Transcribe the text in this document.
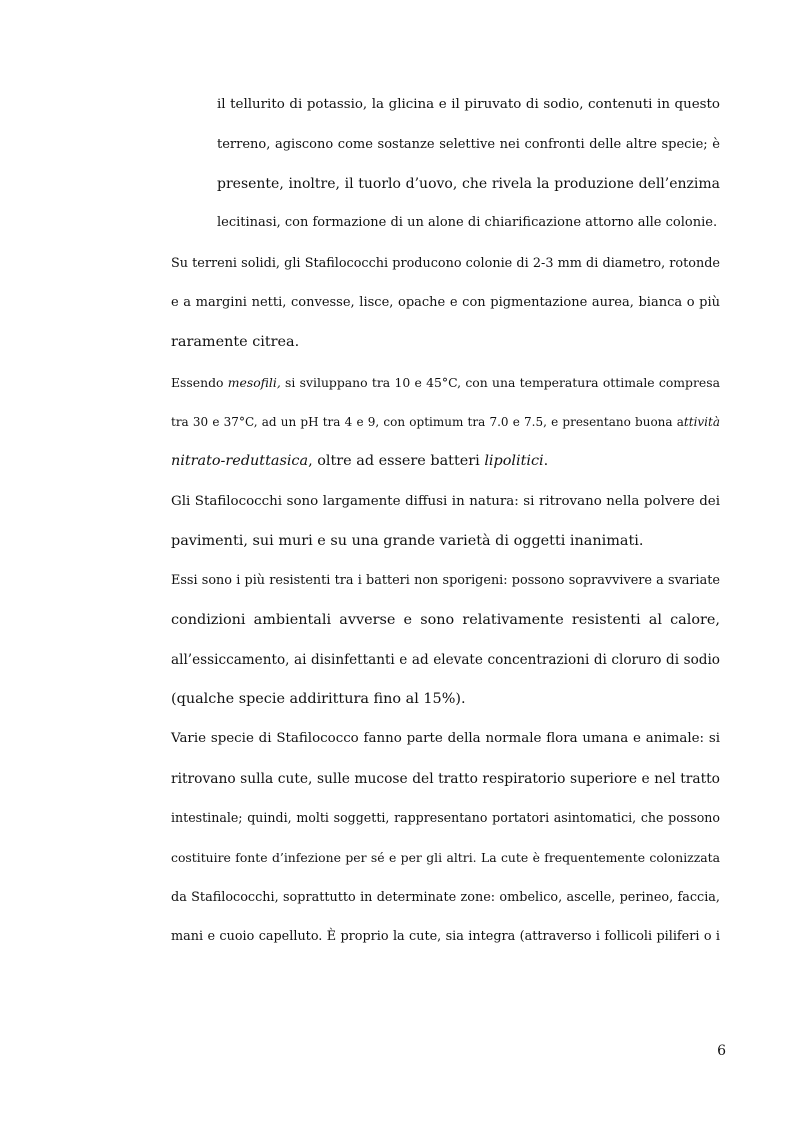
il tellurito di potassio, la glicina e il piruvato di sodio, contenuti in questo
terreno, agiscono come sostanze selettive nei confronti delle altre specie; è
presente, inoltre, il tuorlo d’uovo, che rivela la produzione dell’enzima
lecitinasi, con formazione di un alone di chiarificazione attorno alle colonie.
Su terreni solidi, gli Stafilococchi producono colonie di 2-3 mm di diametro, rotonde
e a margini netti, convesse, lisce, opache e con pigmentazione aurea, bianca o più
raramente citrea.
Essendo mesofili, si sviluppano tra 10 e 45°C, con una temperatura ottimale compresa
tra 30 e 37°C, ad un pH tra 4 e 9, con optimum tra 7.0 e 7.5, e presentano buona attività
nitrato-reduttasica, oltre ad essere batteri lipolitici.
Gli Stafilococchi sono largamente diffusi in natura: si ritrovano nella polvere dei
pavimenti, sui muri e su una grande varietà di oggetti inanimati.
Essi sono i più resistenti tra i batteri non sporigeni: possono sopravvivere a svariate
condizioni ambientali avverse e sono relativamente resistenti al calore,
all’essiccamento, ai disinfettanti e ad elevate concentrazioni di cloruro di sodio
(qualche specie addirittura fino al 15%).
Varie specie di Stafilococco fanno parte della normale flora umana e animale: si
ritrovano sulla cute, sulle mucose del tratto respiratorio superiore e nel tratto
intestinale; quindi, molti soggetti, rappresentano portatori asintomatici, che possono
costituire fonte d’infezione per sé e per gli altri. La cute è frequentemente colonizzata
da Stafilococchi, soprattutto in determinate zone: ombelico, ascelle, perineo, faccia,
mani e cuoio capelluto. È proprio la cute, sia integra (attraverso i follicoli piliferi o i
6
